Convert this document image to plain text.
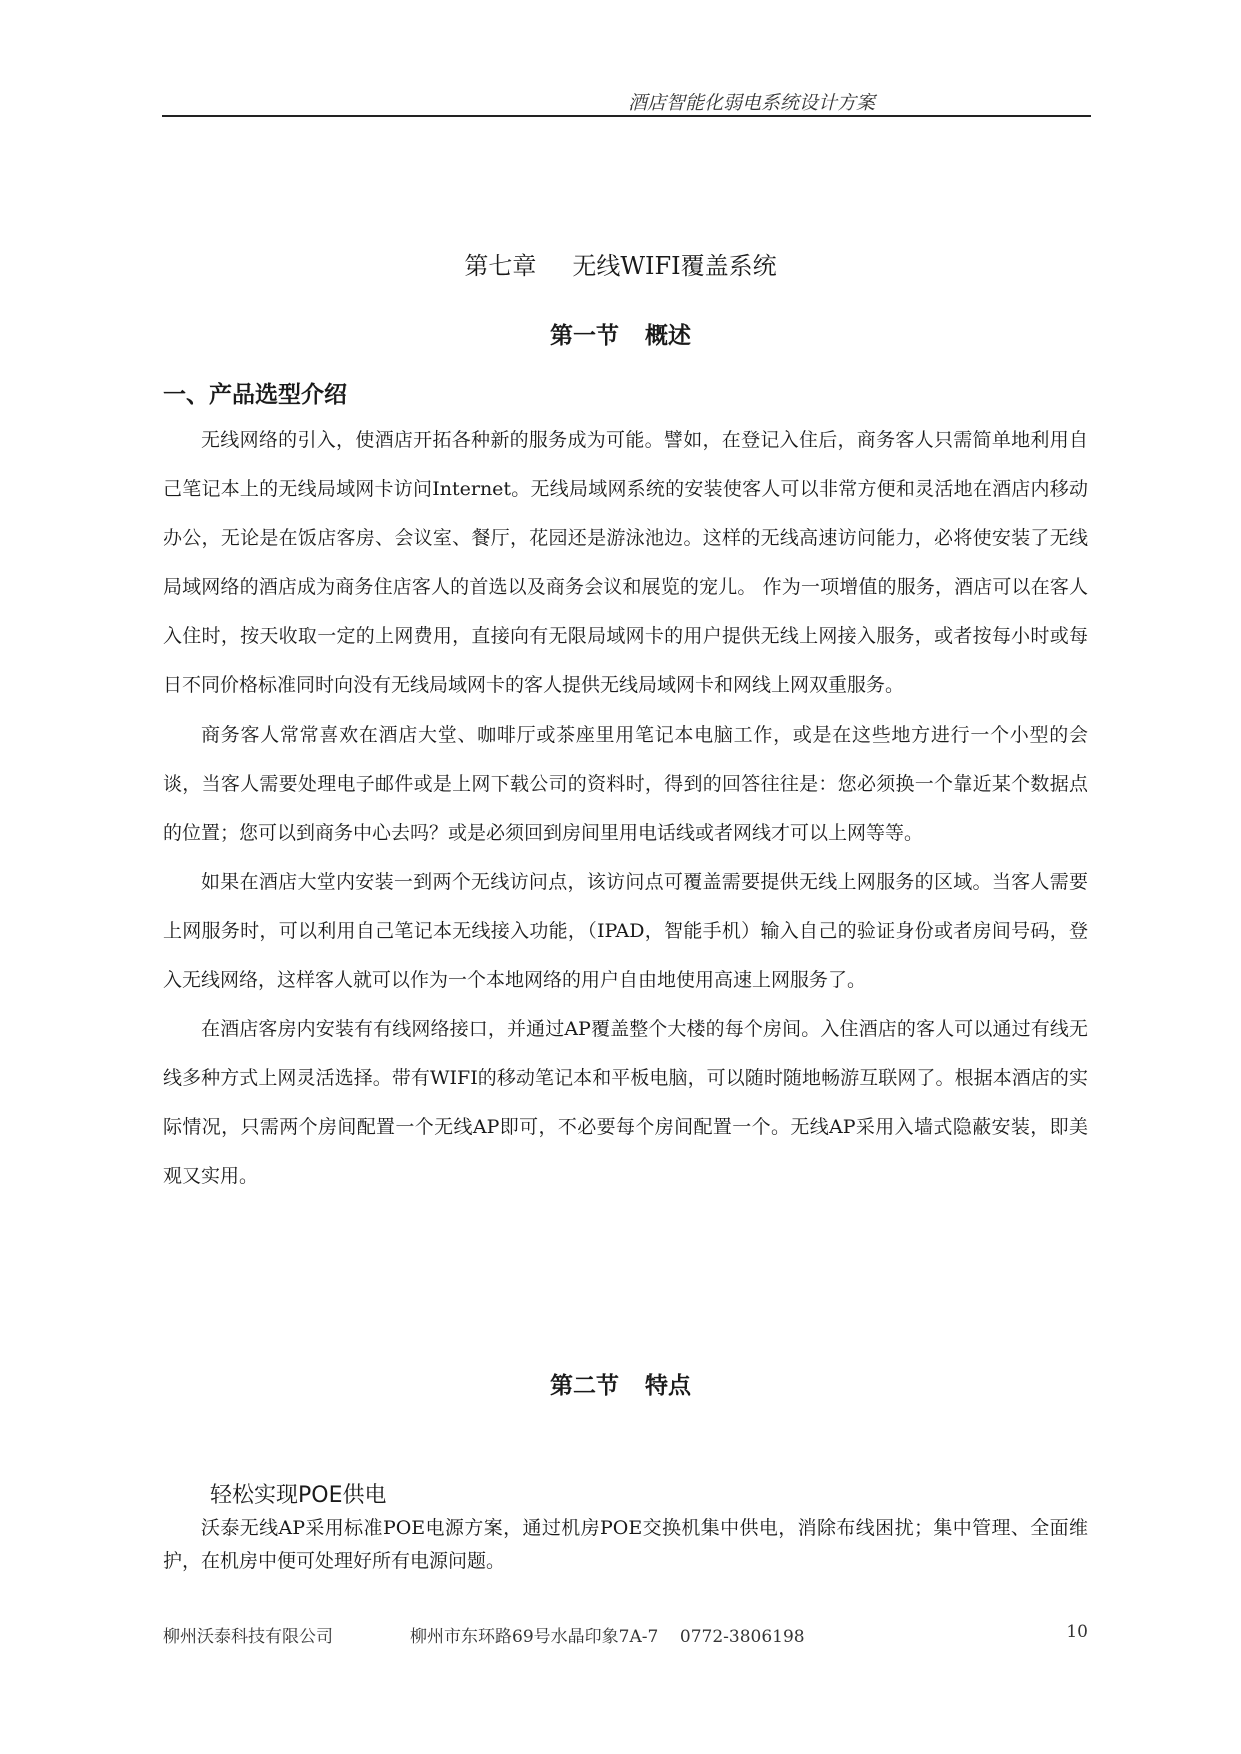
酒店智能化弱电系统设计方案
第七章 无线WIFI覆盖系统
第一节 概述
一、产品选型介绍

无线网络的引入，使酒店开拓各种新的服务成为可能。譬如，在登记入住后，商务客人只需简单地利用自己笔记本上的无线局域网卡访问Internet。无线局域网系统的安装使客人可以非常方便和灵活地在酒店内移动办公，无论是在饭店客房、会议室、餐厅，花园还是游泳池边。这样的无线高速访问能力，必将使安装了无线局域网络的酒店成为商务住店客人的首选以及商务会议和展览的宠儿。 作为一项增值的服务，酒店可以在客人入住时，按天收取一定的上网费用，直接向有无限局域网卡的用户提供无线上网接入服务，或者按每小时或每日不同价格标准同时向没有无线局域网卡的客人提供无线局域网卡和网线上网双重服务。

商务客人常常喜欢在酒店大堂、咖啡厅或茶座里用笔记本电脑工作，或是在这些地方进行一个小型的会谈，当客人需要处理电子邮件或是上网下载公司的资料时，得到的回答往往是：您必须换一个靠近某个数据点的位置；您可以到商务中心去吗？或是必须回到房间里用电话线或者网线才可以上网等等。

如果在酒店大堂内安装一到两个无线访问点，该访问点可覆盖需要提供无线上网服务的区域。当客人需要上网服务时，可以利用自己笔记本无线接入功能，（IPAD，智能手机）输入自己的验证身份或者房间号码，登入无线网络，这样客人就可以作为一个本地网络的用户自由地使用高速上网服务了。

在酒店客房内安装有有线网络接口，并通过AP覆盖整个大楼的每个房间。入住酒店的客人可以通过有线无线多种方式上网灵活选择。带有WIFI的移动笔记本和平板电脑，可以随时随地畅游互联网了。根据本酒店的实际情况，只需两个房间配置一个无线AP即可，不必要每个房间配置一个。无线AP采用入墙式隐蔽安装，即美观又实用。

第二节 特点
轻松实现POE供电

沃泰无线AP采用标准POE电源方案，通过机房POE交换机集中供电，消除布线困扰；集中管理、全面维护，在机房中便可处理好所有电源问题。

柳州沃泰科技有限公司	柳州市东环路69号水晶印象7A-7    0772-3806198	10
